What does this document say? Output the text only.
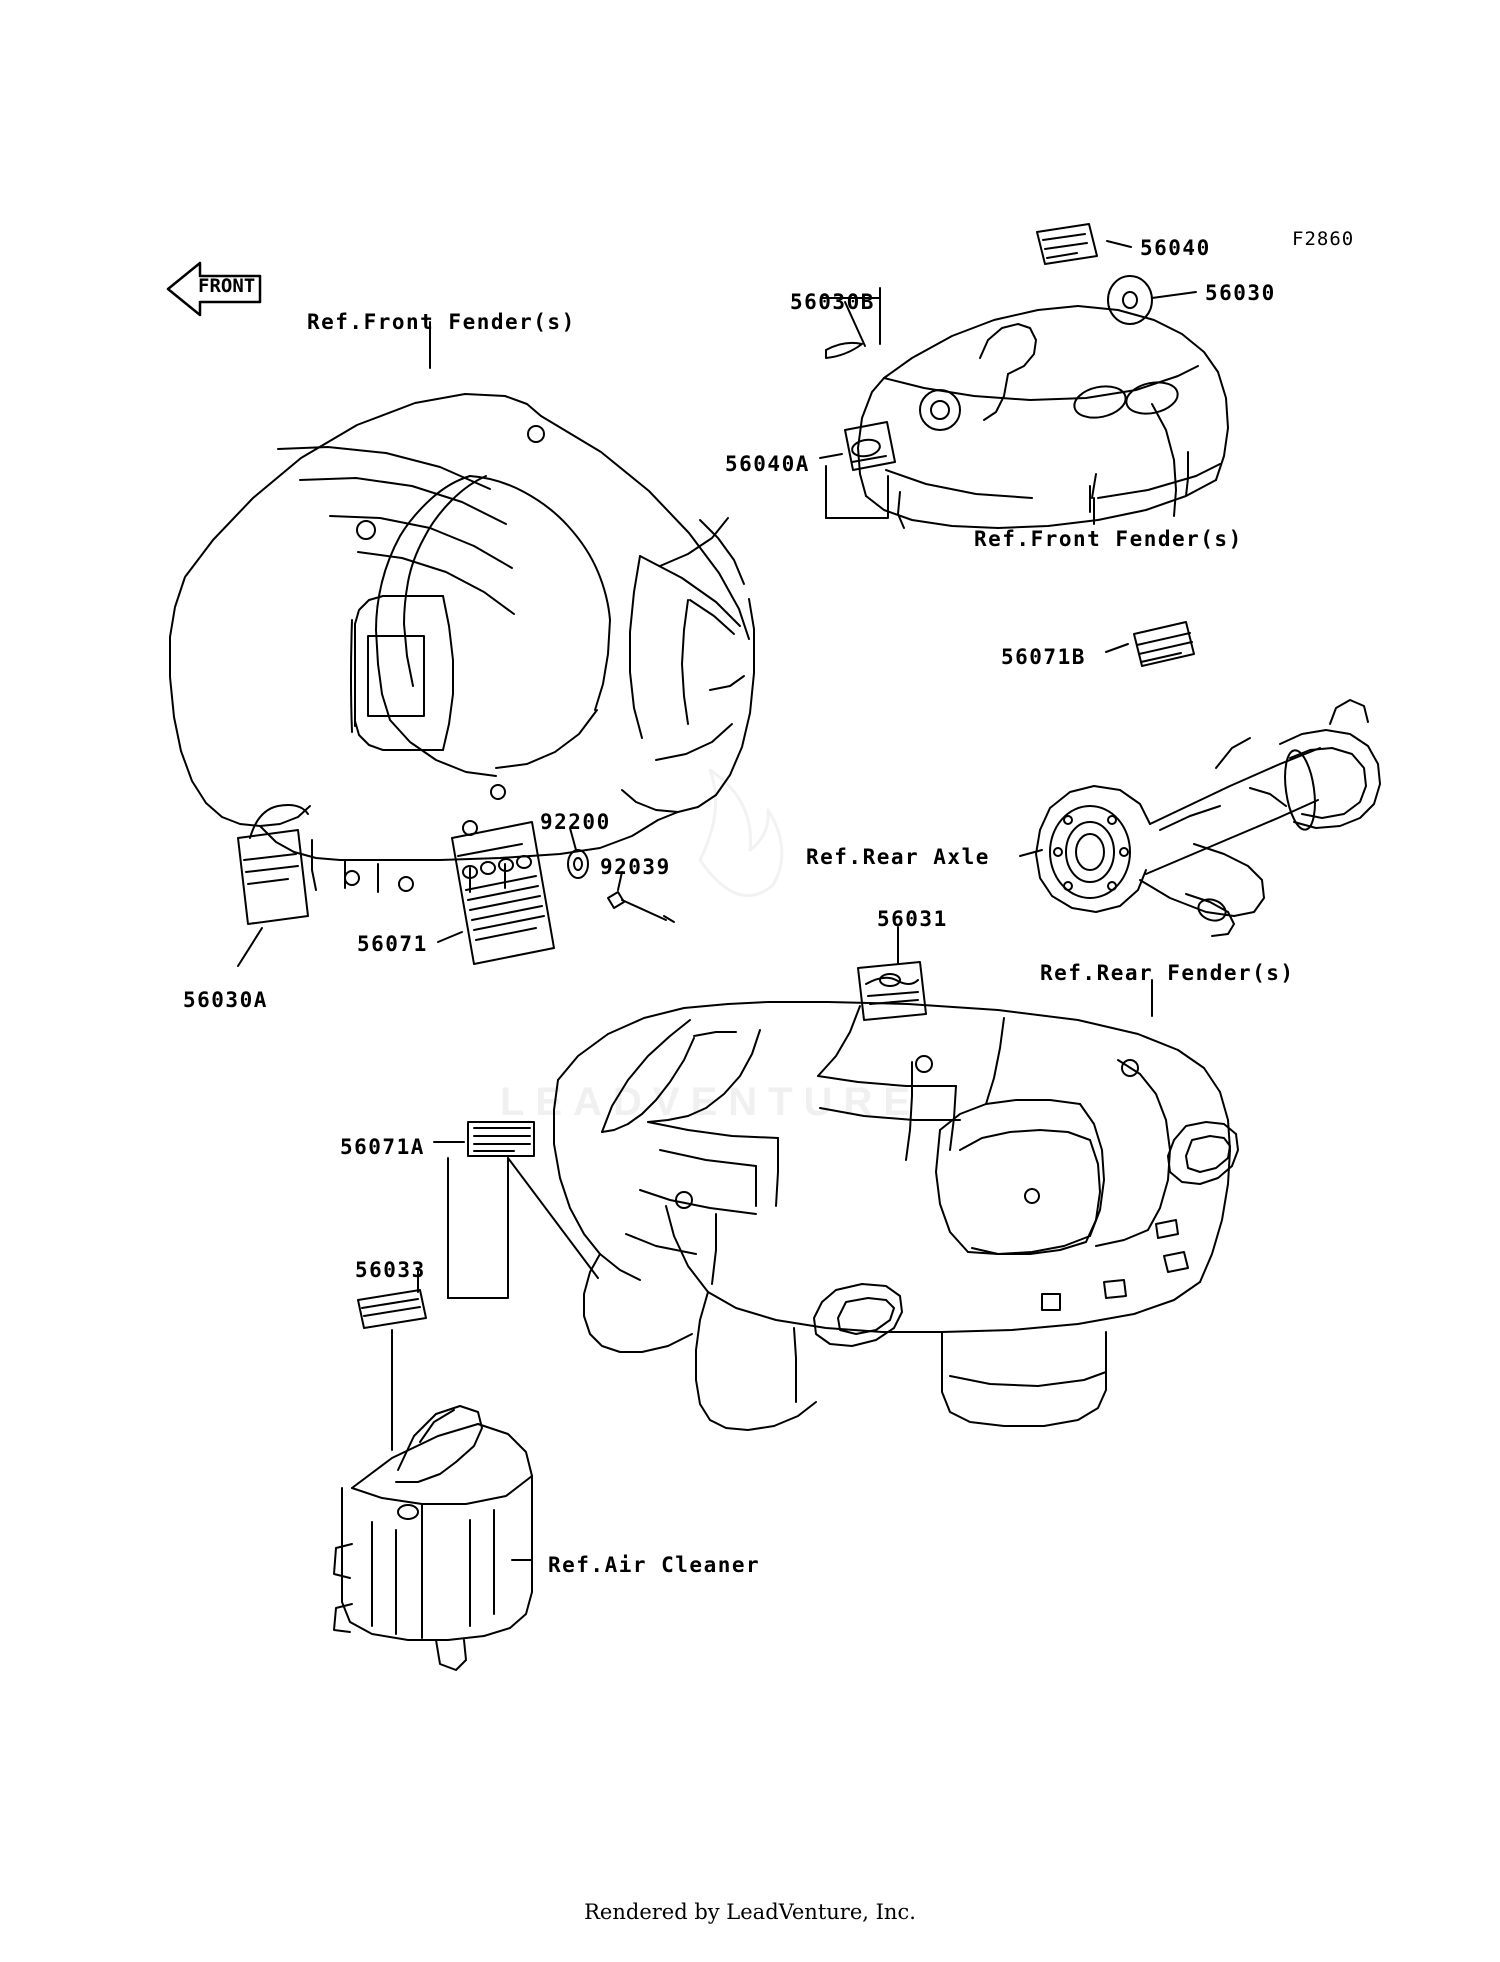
LEADVENTURE
FRONT
F2860
56040
56030
56030B
56040A
56071B
92200
92039
56031
56071
56030A
56071A
56033
Ref.Front Fender(s)
Ref.Front Fender(s)
Ref.Rear Axle
Ref.Rear Fender(s)
Ref.Air Cleaner
Rendered by LeadVenture, Inc.
